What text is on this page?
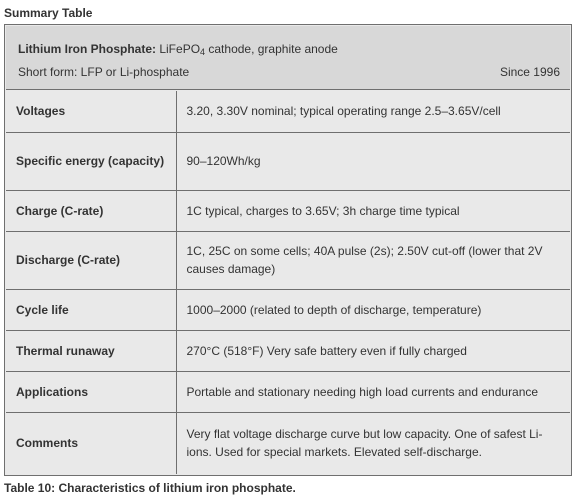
Summary Table
Lithium Iron Phosphate: LiFePO$_4$ cathode, graphite anode
Short form: LFP or Li-phosphate	Since 1996
Voltages	3.20, 3.30V nominal; typical operating range 2.5–3.65V/cell
Specific energy (capacity)	90–120Wh/kg
Charge (C-rate)	1C typical, charges to 3.65V; 3h charge time typical
Discharge (C-rate)	1C, 25C on some cells; 40A pulse (2s); 2.50V cut-off (lower that 2V causes damage)
Cycle life	1000–2000 (related to depth of discharge, temperature)
Thermal runaway	270°C (518°F) Very safe battery even if fully charged
Applications	Portable and stationary needing high load currents and endurance
Comments	Very flat voltage discharge curve but low capacity. One of safest Li-ions. Used for special markets. Elevated self-discharge.
Table 10: Characteristics of lithium iron phosphate.
